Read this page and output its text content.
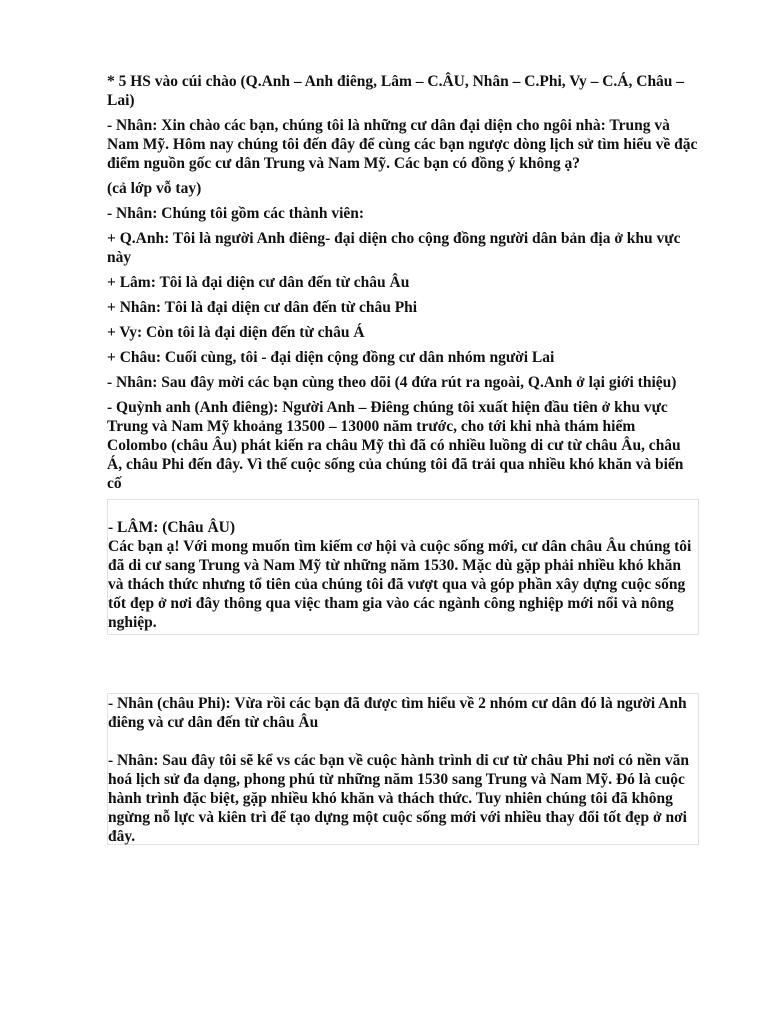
* 5 HS vào cúi chào (Q.Anh – Anh điêng, Lâm – C.ÂU, Nhân – C.Phi, Vy – C.Á, Châu – Lai)

- Nhân: Xin chào các bạn, chúng tôi là những cư dân đại diện cho ngôi nhà: Trung và Nam Mỹ. Hôm nay chúng tôi đến đây để cùng các bạn ngược dòng lịch sử tìm hiểu về đặc điểm nguồn gốc cư dân Trung và Nam Mỹ. Các bạn có đồng ý không ạ?

(cả lớp vỗ tay)

- Nhân: Chúng tôi gồm các thành viên:

+ Q.Anh: Tôi là người Anh điêng- đại diện cho cộng đồng người dân bản địa ở khu vực này

+ Lâm: Tôi là đại diện cư dân đến từ châu Âu

+ Nhân: Tôi là đại diện cư dân đến từ châu Phi

+ Vy: Còn tôi là đại diện đến từ châu Á

+ Châu: Cuối cùng, tôi - đại diện cộng đồng cư dân nhóm người Lai

- Nhân: Sau đây mời các bạn cùng theo dõi (4 đứa rút ra ngoài, Q.Anh ở lại giới thiệu)

- Quỳnh anh (Anh điêng): Người Anh – Điêng chúng tôi xuất hiện đầu tiên ở khu vực Trung và Nam Mỹ khoảng 13500 – 13000 năm trước, cho tới khi nhà thám hiểm Colombo (châu Âu) phát kiến ra châu Mỹ thì đã có nhiều luồng di cư từ châu Âu, châu Á, châu Phi đến đây. Vì thế cuộc sống của chúng tôi đã trải qua nhiều khó khăn và biến cố

- LÂM: (Châu ÂU)

Các bạn ạ! Với mong muốn tìm kiếm cơ hội và cuộc sống mới, cư dân châu Âu chúng tôi đã di cư sang Trung và Nam Mỹ từ những năm 1530. Mặc dù gặp phải nhiều khó khăn và thách thức nhưng tổ tiên của chúng tôi đã vượt qua và góp phần xây dựng cuộc sống tốt đẹp ở nơi đây thông qua việc tham gia vào các ngành công nghiệp mới nổi và nông nghiệp.

- Nhân (châu Phi): Vừa rồi các bạn đã được tìm hiểu về 2 nhóm cư dân đó là người Anh điêng và cư dân đến từ châu Âu

- Nhân: Sau đây tôi sẽ kể vs các bạn về cuộc hành trình di cư từ châu Phi nơi có nền văn hoá lịch sử đa dạng, phong phú từ những năm 1530 sang Trung và Nam Mỹ. Đó là cuộc hành trình đặc biệt, gặp nhiều khó khăn và thách thức. Tuy nhiên chúng tôi đã không ngừng nỗ lực và kiên trì để tạo dựng một cuộc sống mới với nhiều thay đổi tốt đẹp ở nơi đây.
